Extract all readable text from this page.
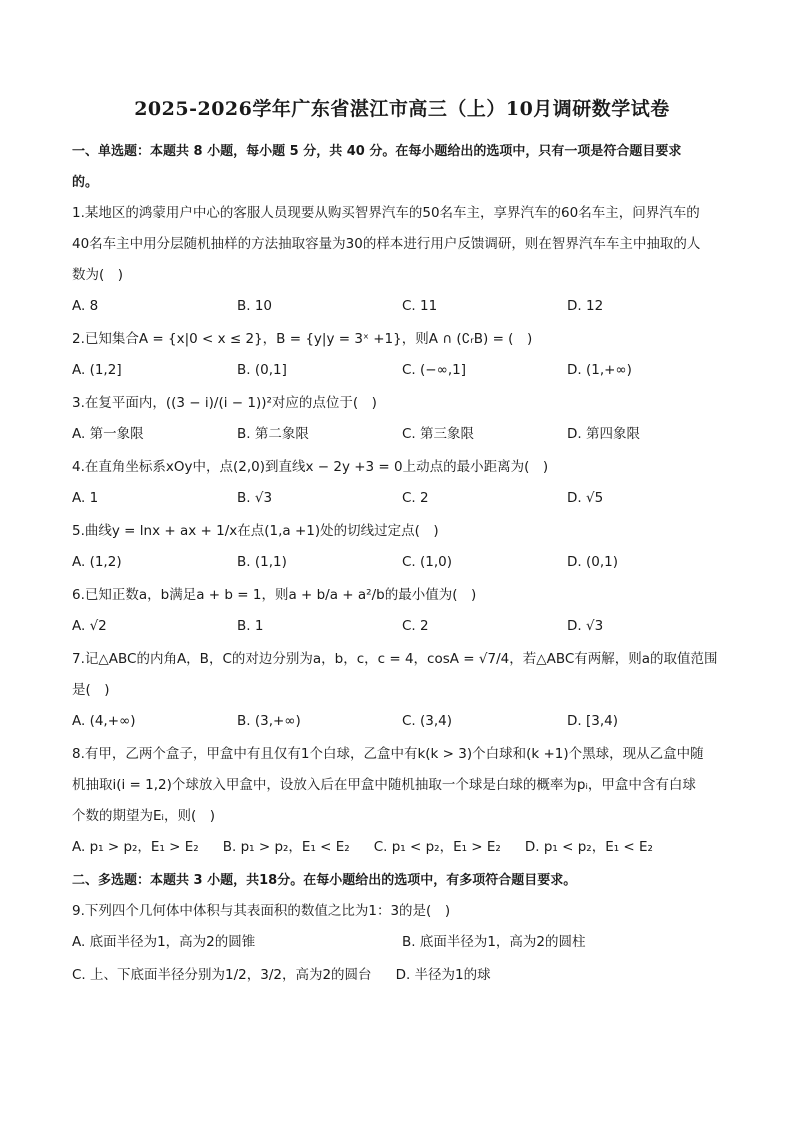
2025-2026学年广东省湛江市高三（上）10月调研数学试卷

一、单选题：本题共 8 小题，每小题 5 分，共 40 分。在每小题给出的选项中，只有一项是符合题目要求

的。

1.某地区的鸿蒙用户中心的客服人员现要从购买智界汽车的50名车主，享界汽车的60名车主，问界汽车的

40名车主中用分层随机抽样的方法抽取容量为30的样本进行用户反馈调研，则在智界汽车车主中抽取的人

数为(　)

A. 8	B. 10	C. 11	D. 12

2.已知集合A = {x|0 < x ≤ 2}，B = {y|y = 3ˣ +1}，则A ∩ (∁ᵣB) = (　)

A. (1,2]	B. (0,1]	C. (−∞,1]	D. (1,+∞)

3.在复平面内，((3 − i)/(i − 1))²对应的点位于(　)

A. 第一象限	B. 第二象限	C. 第三象限	D. 第四象限

4.在直角坐标系xOy中，点(2,0)到直线x − 2y +3 = 0上动点的最小距离为(　)

A. 1	B. √3	C. 2	D. √5

5.曲线y = lnx + ax + 1/x在点(1,a +1)处的切线过定点(　)

A. (1,2)	B. (1,1)	C. (1,0)	D. (0,1)

6.已知正数a，b满足a + b = 1，则a + b/a + a²/b的最小值为(　)

A. √2	B. 1	C. 2	D. √3

7.记△ABC的内角A，B，C的对边分别为a，b，c，c = 4，cosA = √7/4，若△ABC有两解，则a的取值范围

是(　)

A. (4,+∞)	B. (3,+∞)	C. (3,4)	D. [3,4)

8.有甲，乙两个盒子，甲盒中有且仅有1个白球，乙盒中有k(k > 3)个白球和(k +1)个黑球，现从乙盒中随

机抽取i(i = 1,2)个球放入甲盒中，设放入后在甲盒中随机抽取一个球是白球的概率为pᵢ，甲盒中含有白球

个数的期望为Eᵢ，则(　)

A. p₁ > p₂，E₁ > E₂ B. p₁ > p₂，E₁ < E₂ C. p₁ < p₂，E₁ > E₂ D. p₁ < p₂，E₁ < E₂

二、多选题：本题共 3 小题，共18分。在每小题给出的选项中，有多项符合题目要求。

9.下列四个几何体中体积与其表面积的数值之比为1：3的是(　)

A. 底面半径为1，高为2的圆锥	B. 底面半径为1，高为2的圆柱
C. 上、下底面半径分别为1/2，3/2，高为2的圆台 D. 半径为1的球
